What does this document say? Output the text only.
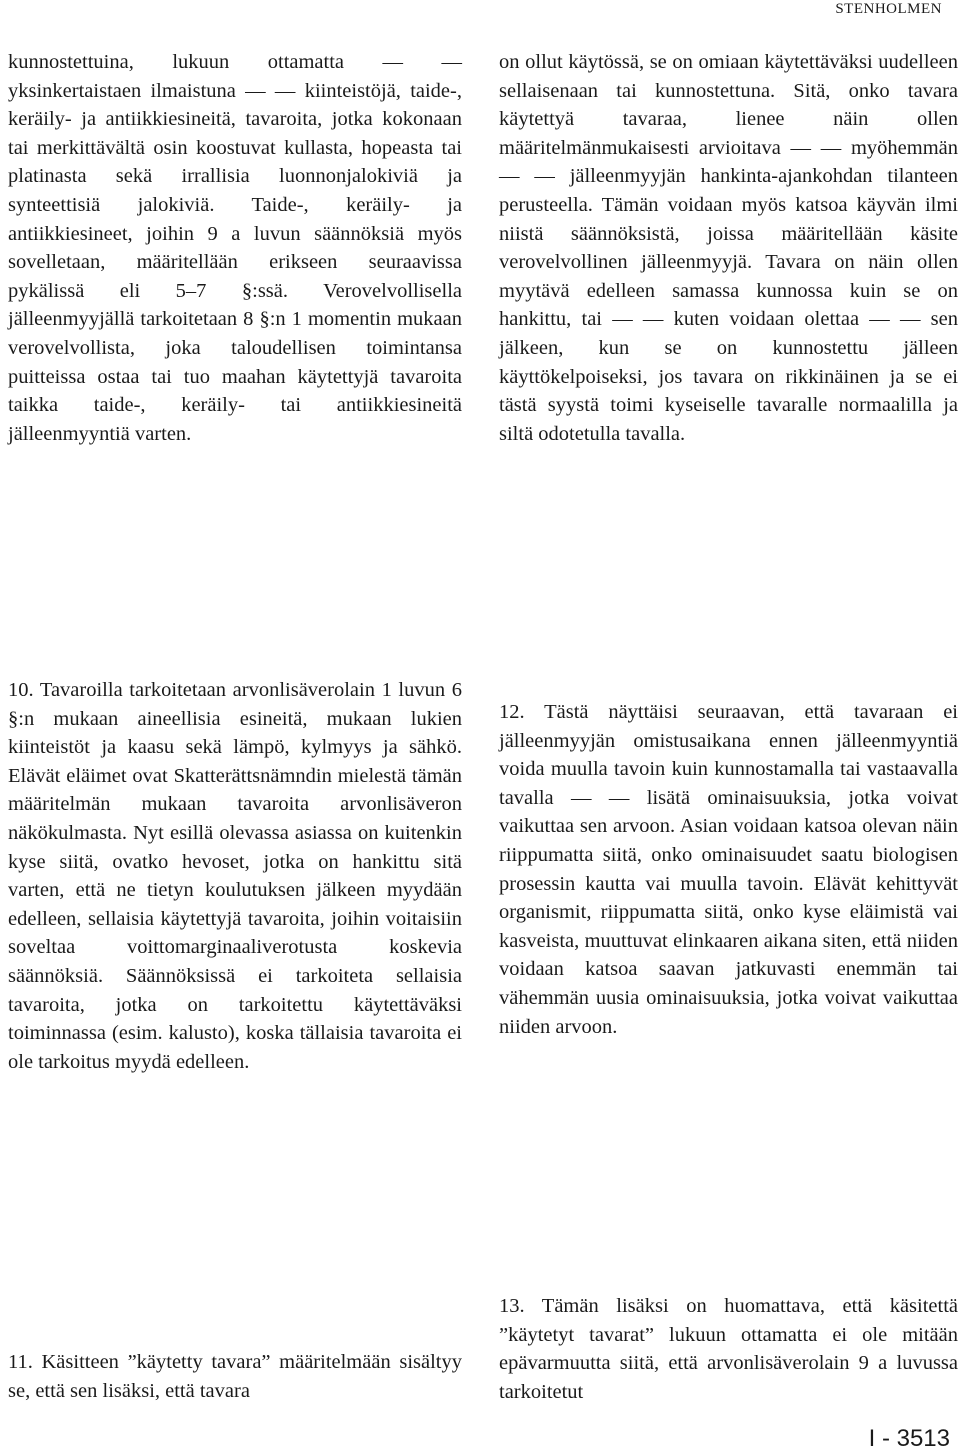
STENHOLMEN

kunnostettuina, lukuun ottamatta — — yksinkertaistaen ilmaistuna — — kiinteistöjä, taide-, keräily- ja antiikkiesineitä, tavaroita, jotka kokonaan tai merkittävältä osin koostuvat kullasta, hopeasta tai platinasta sekä irrallisia luonnonjalokiviä ja synteettisiä jalokiviä. Taide-, keräily- ja antiikkiesineet, joihin 9 a luvun säännöksiä myös sovelletaan, määritellään erikseen seuraavissa pykälissä eli 5–7 §:ssä. Verovelvollisella jälleenmyyjällä tarkoitetaan 8 §:n 1 momentin mukaan verovelvollista, joka taloudellisen toimintansa puitteissa ostaa tai tuo maahan käytettyjä tavaroita taikka taide-, keräily- tai antiikkiesineitä jälleenmyyntiä varten.

10. Tavaroilla tarkoitetaan arvonlisäverolain 1 luvun 6 §:n mukaan aineellisia esineitä, mukaan lukien kiinteistöt ja kaasu sekä lämpö, kylmyys ja sähkö. Elävät eläimet ovat Skatterättsnämndin mielestä tämän määritelmän mukaan tavaroita arvonlisäveron näkökulmasta. Nyt esillä olevassa asiassa on kuitenkin kyse siitä, ovatko hevoset, jotka on hankittu sitä varten, että ne tietyn koulutuksen jälkeen myydään edelleen, sellaisia käytettyjä tavaroita, joihin voitaisiin soveltaa voittomarginaaliverotusta koskevia säännöksiä. Säännöksissä ei tarkoiteta sellaisia tavaroita, jotka on tarkoitettu käytettäväksi toiminnassa (esim. kalusto), koska tällaisia tavaroita ei ole tarkoitus myydä edelleen.

11. Käsitteen ”käytetty tavara” määritelmään sisältyy se, että sen lisäksi, että tavara

on ollut käytössä, se on omiaan käytettäväksi uudelleen sellaisenaan tai kunnostettuna. Sitä, onko tavara käytettyä tavaraa, lienee näin ollen määritelmänmukaisesti arvioitava — — myöhemmän — — jälleenmyyjän hankinta-ajankohdan tilanteen perusteella. Tämän voidaan myös katsoa käyvän ilmi niistä säännöksistä, joissa määritellään käsite verovelvollinen jälleenmyyjä. Tavara on näin ollen myytävä edelleen samassa kunnossa kuin se on hankittu, tai — — kuten voidaan olettaa — — sen jälkeen, kun se on kunnostettu jälleen käyttökelpoiseksi, jos tavara on rikkinäinen ja se ei tästä syystä toimi kyseiselle tavaralle normaalilla ja siltä odotetulla tavalla.

12. Tästä näyttäisi seuraavan, että tavaraan ei jälleenmyyjän omistusaikana ennen jälleenmyyntiä voida muulla tavoin kuin kunnostamalla tai vastaavalla tavalla — — lisätä ominaisuuksia, jotka voivat vaikuttaa sen arvoon. Asian voidaan katsoa olevan näin riippumatta siitä, onko ominaisuudet saatu biologisen prosessin kautta vai muulla tavoin. Elävät kehittyvät organismit, riippumatta siitä, onko kyse eläimistä vai kasveista, muuttuvat elinkaaren aikana siten, että niiden voidaan katsoa saavan jatkuvasti enemmän tai vähemmän uusia ominaisuuksia, jotka voivat vaikuttaa niiden arvoon.

13. Tämän lisäksi on huomattava, että käsitettä ”käytetyt tavarat” lukuun ottamatta ei ole mitään epävarmuutta siitä, että arvonlisäverolain 9 a luvussa tarkoitetut

I - 3513
